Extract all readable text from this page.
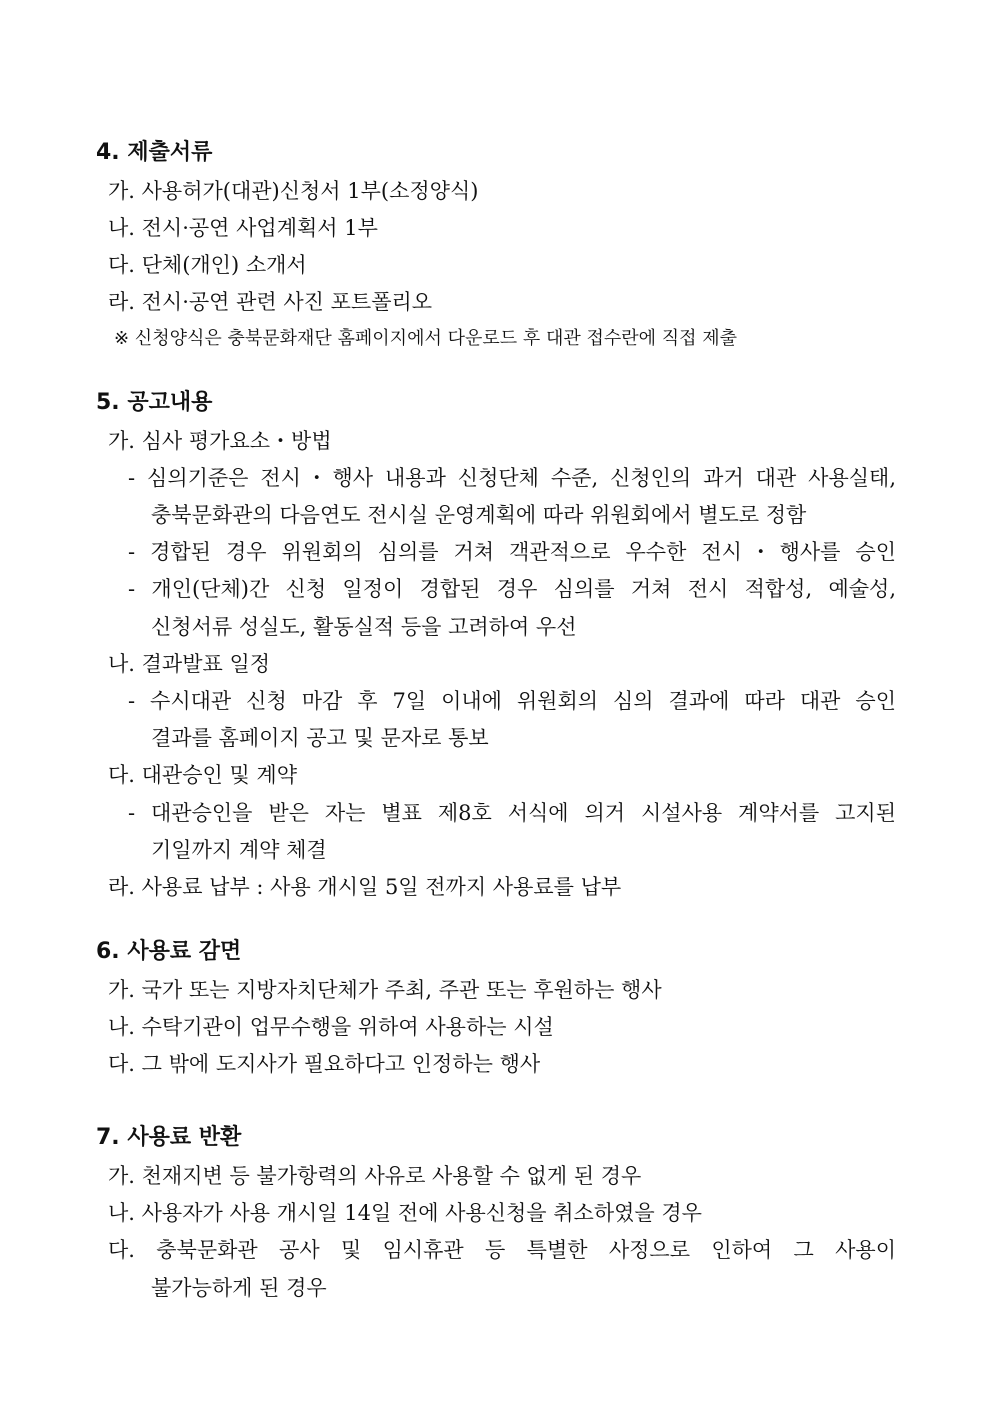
4. 제출서류
가. 사용허가(대관)신청서 1부(소정양식)
나. 전시·공연 사업계획서 1부
다. 단체(개인) 소개서
라. 전시·공연 관련 사진 포트폴리오
※ 신청양식은 충북문화재단 홈페이지에서 다운로드 후 대관 접수란에 직접 제출
5. 공고내용
가. 심사 평가요소・방법
- 심의기준은 전시・행사 내용과 신청단체 수준, 신청인의 과거 대관 사용실태,
충북문화관의 다음연도 전시실 운영계획에 따라 위원회에서 별도로 정함
- 경합된 경우 위원회의 심의를 거쳐 객관적으로 우수한 전시・행사를 승인
- 개인(단체)간 신청 일정이 경합된 경우 심의를 거쳐 전시 적합성, 예술성,
신청서류 성실도, 활동실적 등을 고려하여 우선
나. 결과발표 일정
- 수시대관 신청 마감 후 7일 이내에 위원회의 심의 결과에 따라 대관 승인
결과를 홈페이지 공고 및 문자로 통보
다. 대관승인 및 계약
- 대관승인을 받은 자는 별표 제8호 서식에 의거 시설사용 계약서를 고지된
기일까지 계약 체결
라. 사용료 납부 : 사용 개시일 5일 전까지 사용료를 납부
6. 사용료 감면
가. 국가 또는 지방자치단체가 주최, 주관 또는 후원하는 행사
나. 수탁기관이 업무수행을 위하여 사용하는 시설
다. 그 밖에 도지사가 필요하다고 인정하는 행사
7. 사용료 반환
가. 천재지변 등 불가항력의 사유로 사용할 수 없게 된 경우
나. 사용자가 사용 개시일 14일 전에 사용신청을 취소하였을 경우
다. 충북문화관 공사 및 임시휴관 등 특별한 사정으로 인하여 그 사용이
불가능하게 된 경우
